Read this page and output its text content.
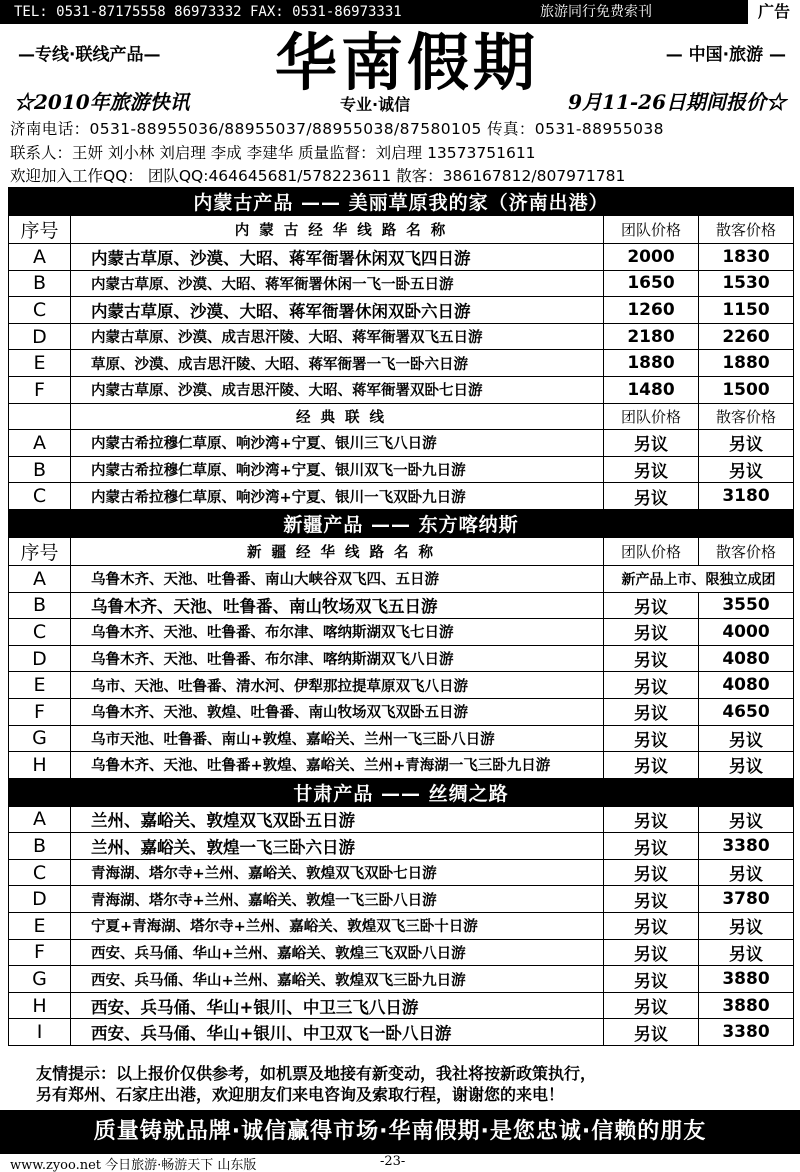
TEL: 0531-87175558 86973332 FAX: 0531-86973331	旅游同行免费索刊	广告
—专线·联线产品—	— 中国·旅游 —
华南假期
专业·诚信
☆2010年旅游快讯	9月11-26日期间报价☆
济南电话：0531-88955036/88955037/88955038/87580105 传真：0531-88955038
联系人：王妍 刘小林 刘启理 李成 李建华 质量监督：刘启理 13573751611
欢迎加入工作QQ： 团队QQ:464645681/578223611 散客：386167812/807971781
内蒙古产品 —— 美丽草原我的家（济南出港）			
序号	内蒙古经华线路名称	团队价格	散客价格
A	内蒙古草原、沙漠、大昭、蒋军衙署休闲双飞四日游	2000	1830
B	内蒙古草原、沙漠、大昭、蒋军衙署休闲一飞一卧五日游	1650	1530
C	内蒙古草原、沙漠、大昭、蒋军衙署休闲双卧六日游	1260	1150
D	内蒙古草原、沙漠、成吉思汗陵、大昭、蒋军衙署双飞五日游	2180	2260
E	草原、沙漠、成吉思汗陵、大昭、蒋军衙署一飞一卧六日游	1880	1880
F	内蒙古草原、沙漠、成吉思汗陵、大昭、蒋军衙署双卧七日游	1480	1500
	经典联线	团队价格	散客价格
A	内蒙古希拉穆仁草原、响沙湾+宁夏、银川三飞八日游	另议	另议
B	内蒙古希拉穆仁草原、响沙湾+宁夏、银川双飞一卧九日游	另议	另议
C	内蒙古希拉穆仁草原、响沙湾+宁夏、银川一飞双卧九日游	另议	3180
新疆产品 —— 东方喀纳斯			
序号	新疆经华线路名称	团队价格	散客价格
A	乌鲁木齐、天池、吐鲁番、南山大峡谷双飞四、五日游	新产品上市、限独立成团	
B	乌鲁木齐、天池、吐鲁番、南山牧场双飞五日游	另议	3550
C	乌鲁木齐、天池、吐鲁番、布尔津、喀纳斯湖双飞七日游	另议	4000
D	乌鲁木齐、天池、吐鲁番、布尔津、喀纳斯湖双飞八日游	另议	4080
E	乌市、天池、吐鲁番、清水河、伊犁那拉提草原双飞八日游	另议	4080
F	乌鲁木齐、天池、敦煌、吐鲁番、南山牧场双飞双卧五日游	另议	4650
G	乌市天池、吐鲁番、南山+敦煌、嘉峪关、兰州一飞三卧八日游	另议	另议
H	乌鲁木齐、天池、吐鲁番+敦煌、嘉峪关、兰州+青海湖一飞三卧九日游	另议	另议
甘肃产品 —— 丝绸之路			
A	兰州、嘉峪关、敦煌双飞双卧五日游	另议	另议
B	兰州、嘉峪关、敦煌一飞三卧六日游	另议	3380
C	青海湖、塔尔寺+兰州、嘉峪关、敦煌双飞双卧七日游	另议	另议
D	青海湖、塔尔寺+兰州、嘉峪关、敦煌一飞三卧八日游	另议	3780
E	宁夏+青海湖、塔尔寺+兰州、嘉峪关、敦煌双飞三卧十日游	另议	另议
F	西安、兵马俑、华山+兰州、嘉峪关、敦煌三飞双卧八日游	另议	另议
G	西安、兵马俑、华山+兰州、嘉峪关、敦煌双飞三卧九日游	另议	3880
H	西安、兵马俑、华山+银川、中卫三飞八日游	另议	3880
I	西安、兵马俑、华山+银川、中卫双飞一卧八日游	另议	3380
友情提示：以上报价仅供参考，如机票及地接有新变动，我社将按新政策执行，
另有郑州、石家庄出港，欢迎朋友们来电咨询及索取行程，谢谢您的来电！
质量铸就品牌·诚信赢得市场·华南假期·是您忠诚·信赖的朋友
www.zyoo.net 今日旅游·畅游天下 山东版	-23-
